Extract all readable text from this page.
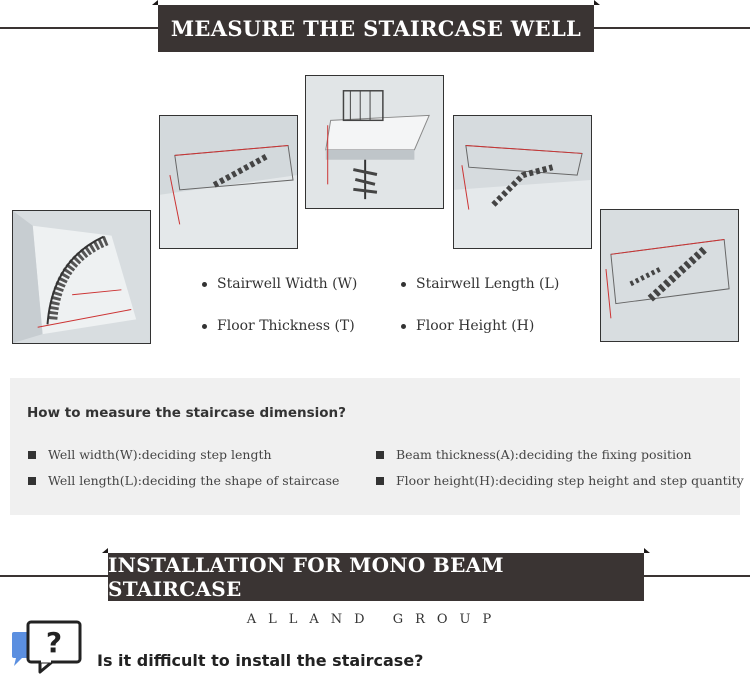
MEASURE THE STAIRCASE WELL
Stairwell Width (W)	Stairwell Length (L)
Floor Thickness (T)	Floor Height (H)
How to measure the staircase dimension?
Well width(W):deciding step length	Beam thickness(A):deciding the fixing position
Well length(L):deciding the shape of staircase	Floor height(H):deciding step height and step quantity
INSTALLATION FOR MONO BEAM STAIRCASE
ALLAND GROUP
?
Is it difficult to install the staircase?
